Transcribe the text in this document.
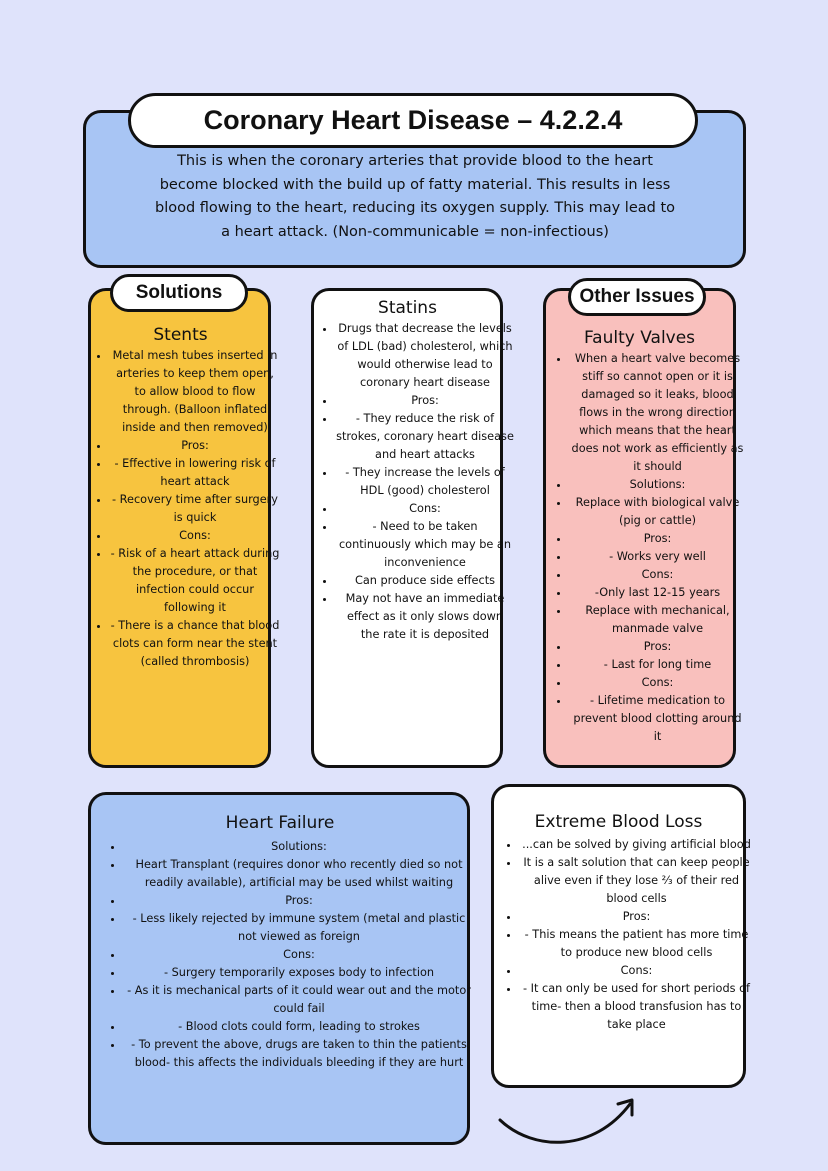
Coronary Heart Disease – 4.2.2.4
This is when the coronary arteries that provide blood to the heart become blocked with the build up of fatty material. This results in less blood flowing to the heart, reducing its oxygen supply. This may lead to a heart attack. (Non-communicable = non-infectious)
Solutions

Stents

• Metal mesh tubes inserted in arteries to keep them open, to allow blood to flow through. (Balloon inflated inside and then removed)
• Pros:
• - Effective in lowering risk of heart attack
• - Recovery time after surgery is quick
• Cons:
• - Risk of a heart attack during the procedure, or that infection could occur following it
• - There is a chance that blood clots can form near the stent (called thrombosis)

Statins

• Drugs that decrease the levels of LDL (bad) cholesterol, which would otherwise lead to coronary heart disease
• Pros:
• - They reduce the risk of strokes, coronary heart disease and heart attacks
• - They increase the levels of HDL (good) cholesterol
• Cons:
• - Need to be taken continuously which may be an inconvenience
• Can produce side effects
• May not have an immediate effect as it only slows down the rate it is deposited
Other Issues

Faulty Valves

• When a heart valve becomes stiff so cannot open or it is damaged so it leaks, blood flows in the wrong direction which means that the heart does not work as efficiently as it should
• Solutions:
• Replace with biological valve (pig or cattle)
• Pros:
• - Works very well
• Cons:
• -Only last 12-15 years
• Replace with mechanical, manmade valve
• Pros:
• - Last for long time
• Cons:
• - Lifetime medication to prevent blood clotting around it

Heart Failure

• Solutions:
• Heart Transplant (requires donor who recently died so not readily available), artificial may be used whilst waiting
• Pros:
• - Less likely rejected by immune system (metal and plastic not viewed as foreign
• Cons:
• - Surgery temporarily exposes body to infection
• - As it is mechanical parts of it could wear out and the motor could fail
• - Blood clots could form, leading to strokes
• - To prevent the above, drugs are taken to thin the patients blood- this affects the individuals bleeding if they are hurt

Extreme Blood Loss

• ...can be solved by giving artificial blood
• It is a salt solution that can keep people alive even if they lose ⅔ of their red blood cells
• Pros:
• - This means the patient has more time to produce new blood cells
• Cons:
• - It can only be used for short periods of time- then a blood transfusion has to take place
